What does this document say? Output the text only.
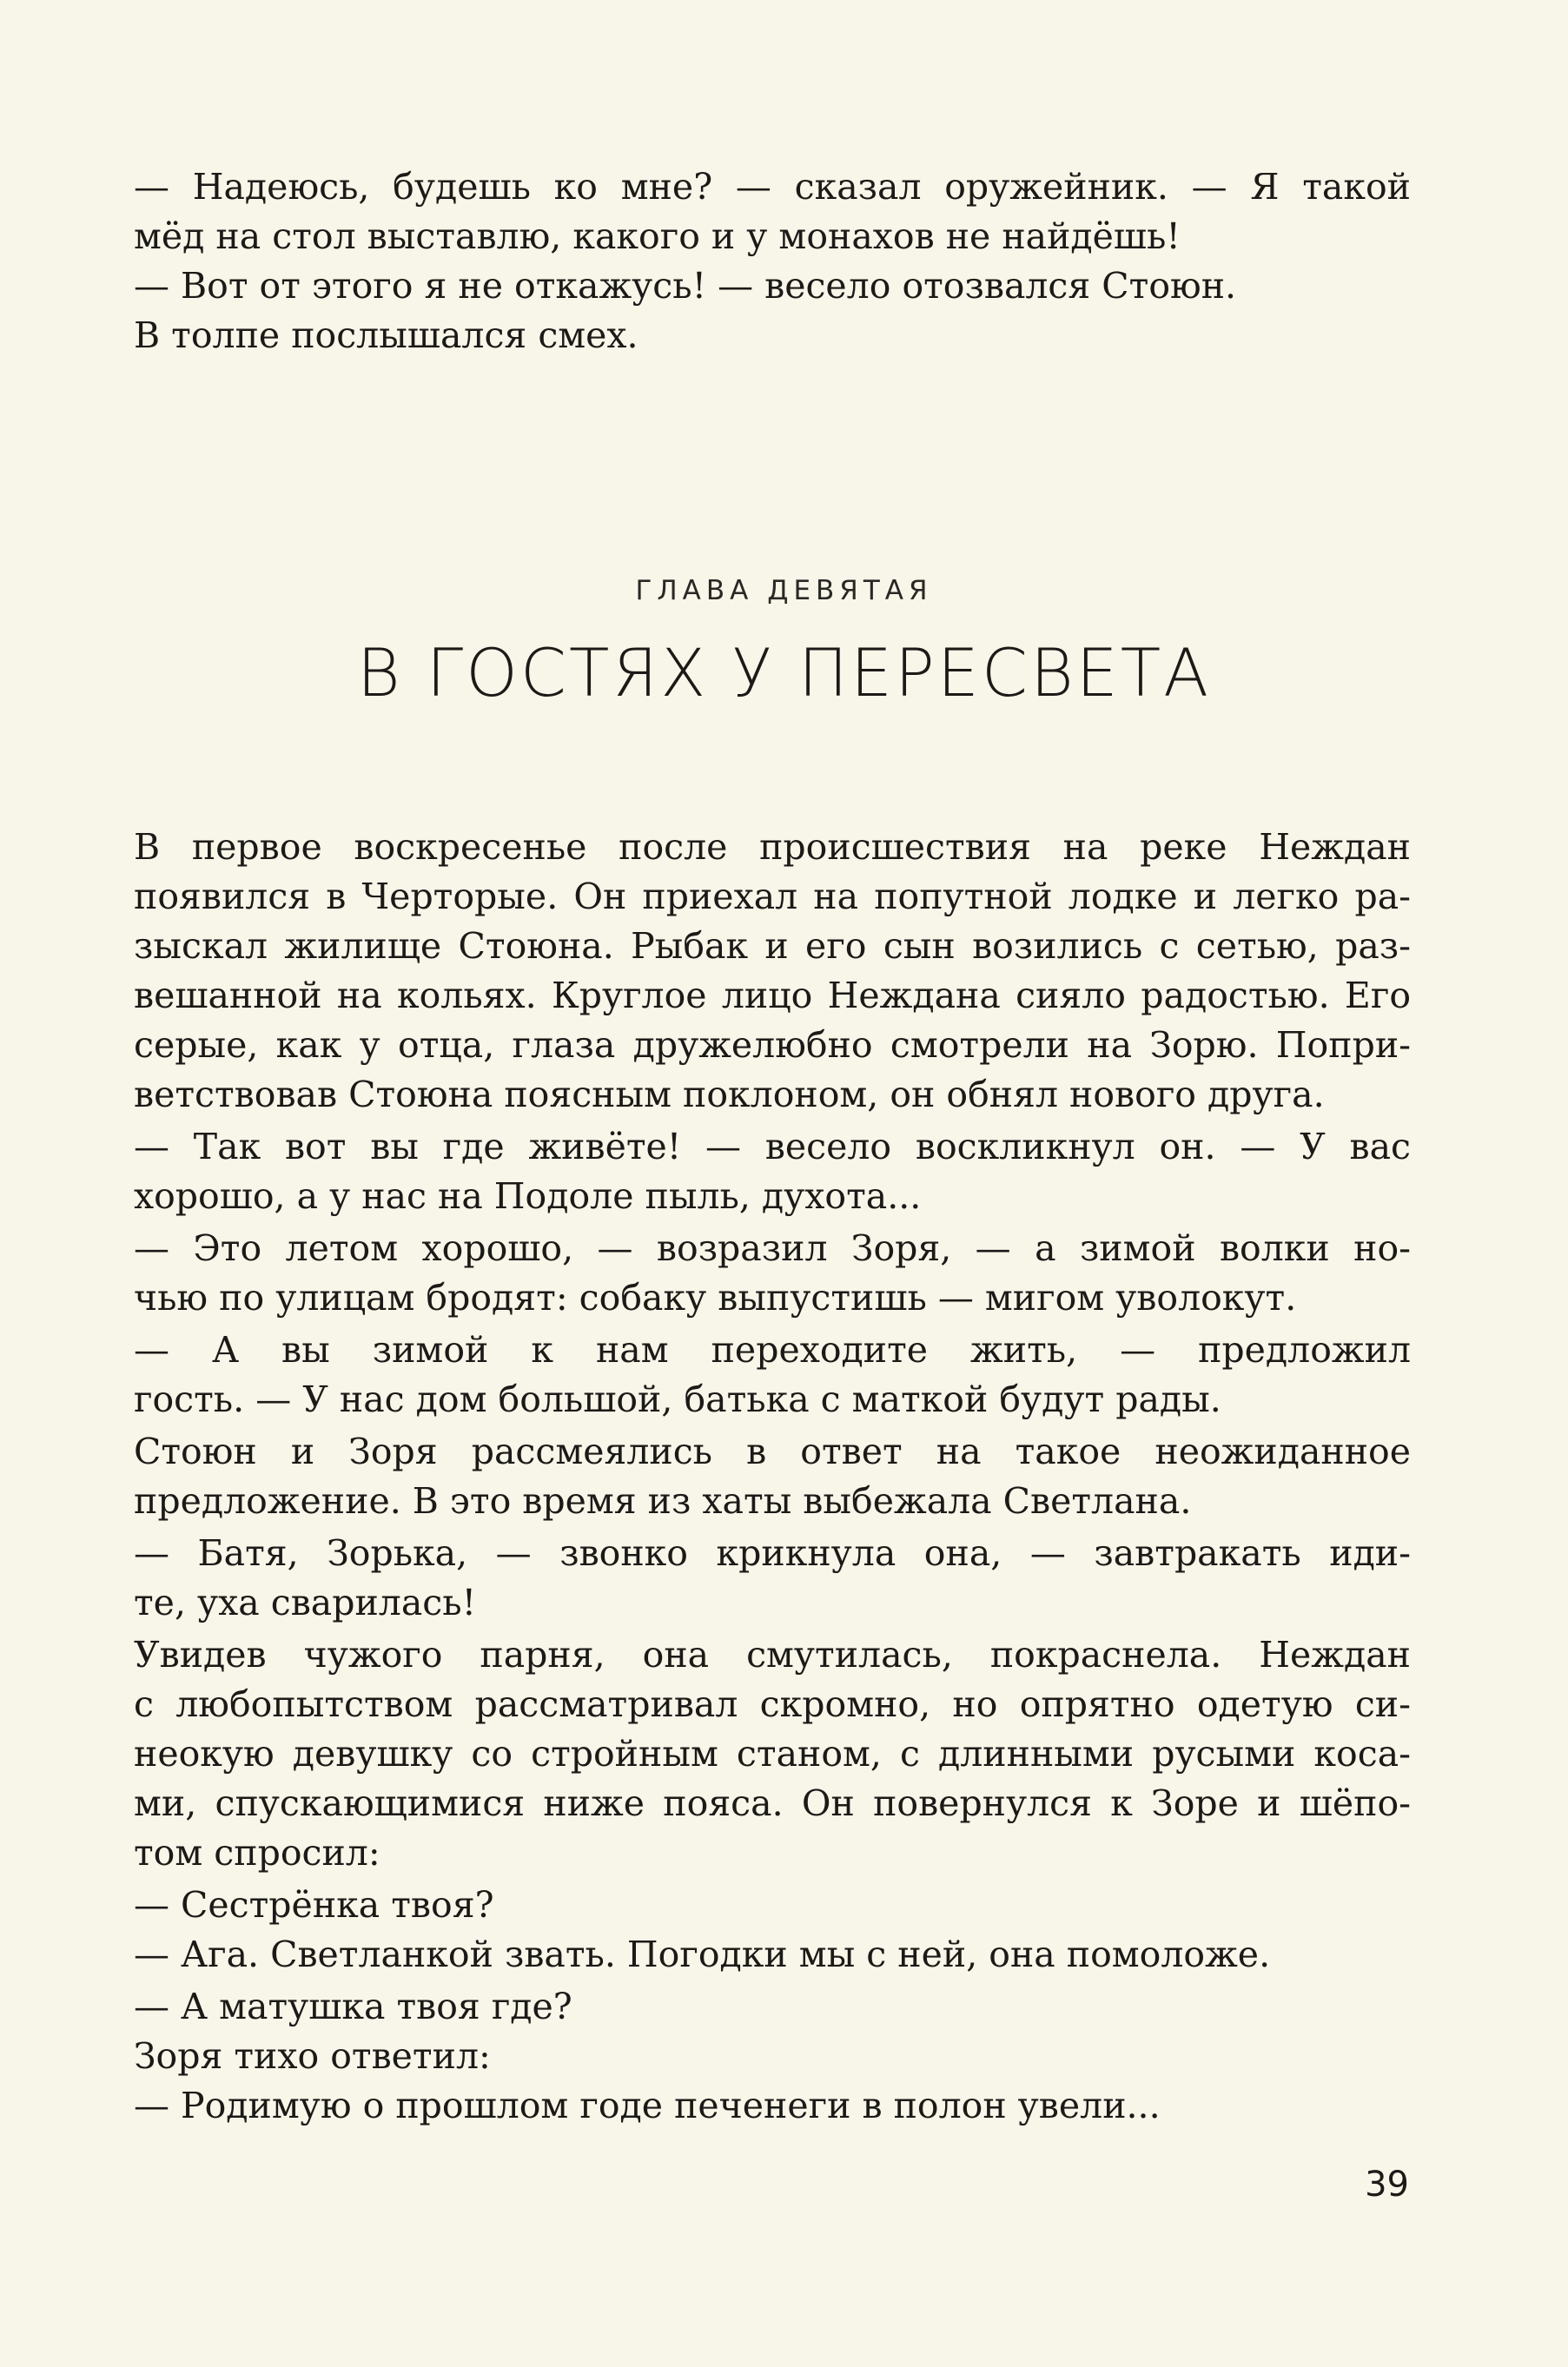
— Надеюсь, будешь ко мне? — сказал оружейник. — Я такой
мёд на стол выставлю, какого и у монахов не найдёшь!
— Вот от этого я не откажусь! — весело отозвался Стоюн.
В толпе послышался смех.
ГЛАВА ДЕВЯТАЯ
В ГОСТЯХ У ПЕРЕСВЕТА
В первое воскресенье после происшествия на реке Неждан
появился в Черторые. Он приехал на попутной лодке и легко ра-
зыскал жилище Стоюна. Рыбак и его сын возились с сетью, раз-
вешанной на кольях. Круглое лицо Неждана сияло радостью. Его
серые, как у отца, глаза дружелюбно смотрели на Зорю. Попри-
ветствовав Стоюна поясным поклоном, он обнял нового друга.
— Так вот вы где живёте! — весело воскликнул он. — У вас
хорошо, а у нас на Подоле пыль, духота...
— Это летом хорошо, — возразил Зоря, — а зимой волки но-
чью по улицам бродят: собаку выпустишь — мигом уволокут.
— А вы зимой к нам переходите жить, — предложил
гость. — У нас дом большой, батька с маткой будут рады.
Стоюн и Зоря рассмеялись в ответ на такое неожиданное
предложение. В это время из хаты выбежала Светлана.
— Батя, Зорька, — звонко крикнула она, — завтракать иди-
те, уха сварилась!
Увидев чужого парня, она смутилась, покраснела. Неждан
с любопытством рассматривал скромно, но опрятно одетую си-
неокую девушку со стройным станом, с длинными русыми коса-
ми, спускающимися ниже пояса. Он повернулся к Зоре и шёпо-
том спросил:
— Сестрёнка твоя?
— Ага. Светланкой звать. Погодки мы с ней, она помоложе.
— А матушка твоя где?
Зоря тихо ответил:
— Родимую о прошлом годе печенеги в полон увели...
39
